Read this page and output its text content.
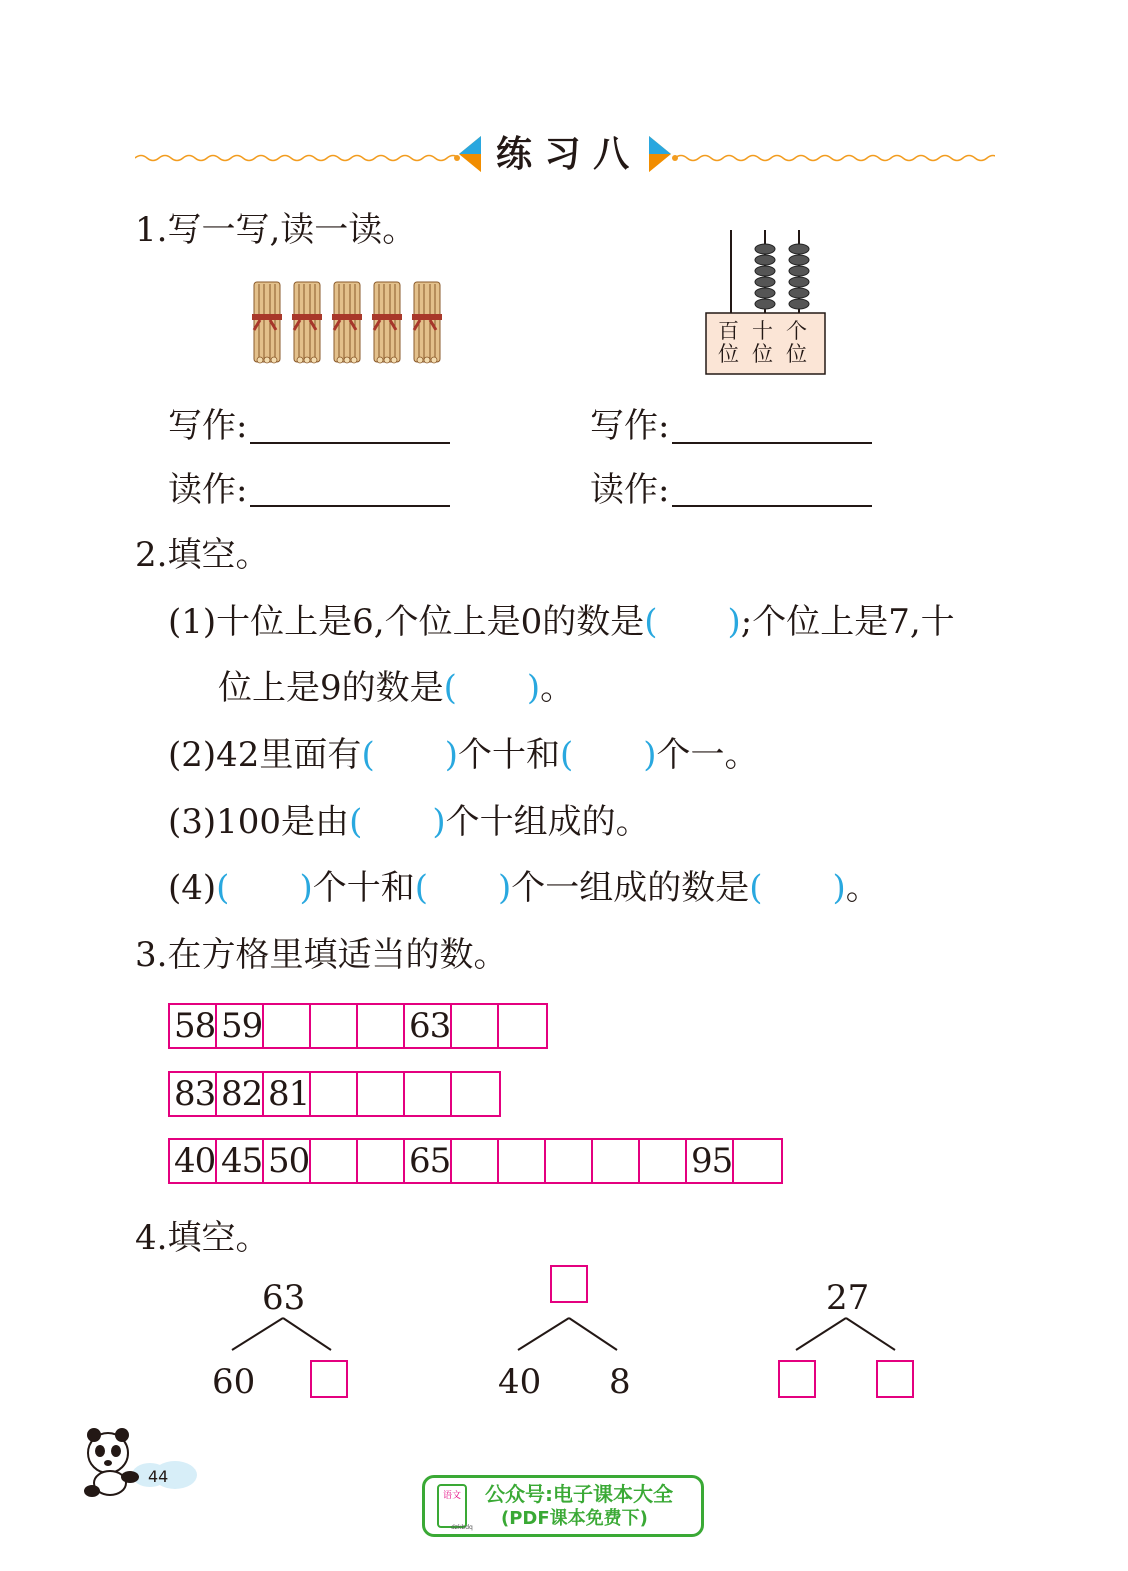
练 习 八
1.写一写,读一读。
百位
十位
个位
写作:	写作:
读作:	读作:
2.填空。
(1)十位上是6,个位上是0的数是( );个位上是7,十
位上是9的数是( )。
(2)42里面有( )个十和( )个一。
(3)100是由( )个十组成的。
(4)( )个十和( )个一组成的数是( )。
3.在方格里填适当的数。
58 59	63
83 82 81
40 45 50	65	95
4.填空。
63
60	40 8
27
44
语文
dzkbdq
公众号:电子课本大全
(PDF课本免费下)
